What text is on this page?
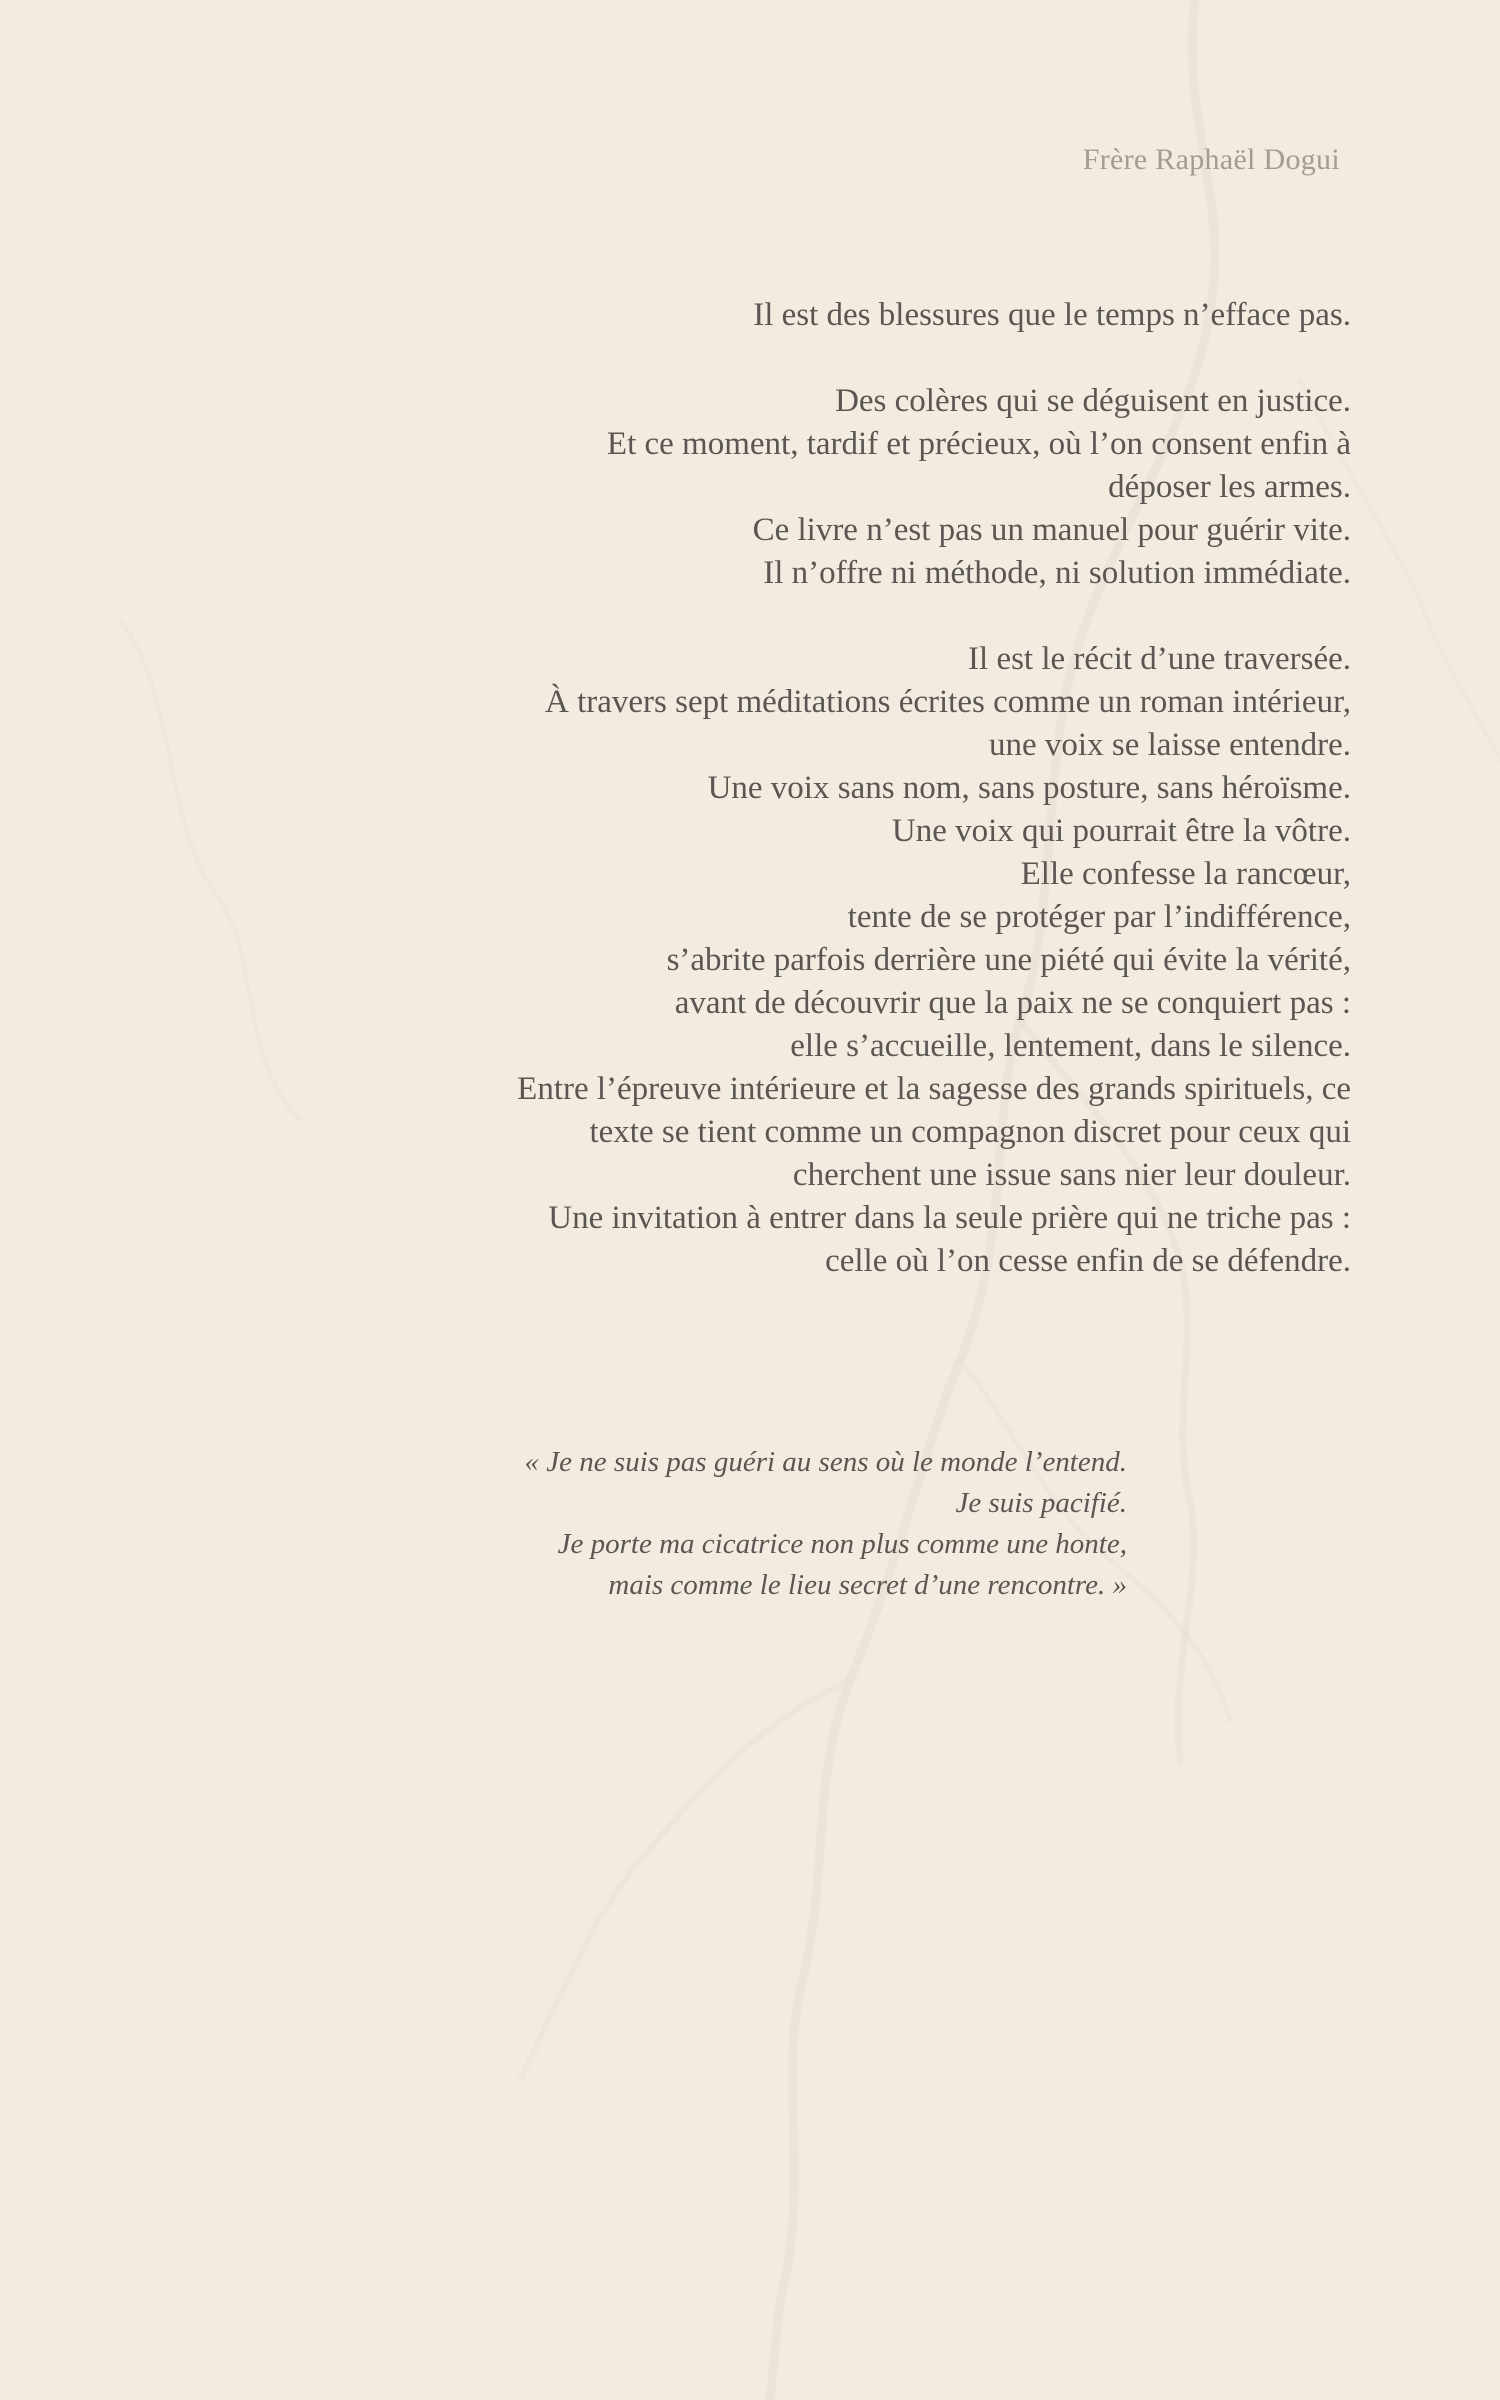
Frère Raphaël Dogui
Il est des blessures que le temps n’efface pas.
Des colères qui se déguisent en justice.
Et ce moment, tardif et précieux, où l’on consent enfin à
déposer les armes.
Ce livre n’est pas un manuel pour guérir vite.
Il n’offre ni méthode, ni solution immédiate.
Il est le récit d’une traversée.
À travers sept méditations écrites comme un roman intérieur,
une voix se laisse entendre.
Une voix sans nom, sans posture, sans héroïsme.
Une voix qui pourrait être la vôtre.
Elle confesse la rancœur,
tente de se protéger par l’indifférence,
s’abrite parfois derrière une piété qui évite la vérité,
avant de découvrir que la paix ne se conquiert pas :
elle s’accueille, lentement, dans le silence.
Entre l’épreuve intérieure et la sagesse des grands spirituels, ce
texte se tient comme un compagnon discret pour ceux qui
cherchent une issue sans nier leur douleur.
Une invitation à entrer dans la seule prière qui ne triche pas :
celle où l’on cesse enfin de se défendre.
« Je ne suis pas guéri au sens où le monde l’entend.
Je suis pacifié.
Je porte ma cicatrice non plus comme une honte,
mais comme le lieu secret d’une rencontre. »
